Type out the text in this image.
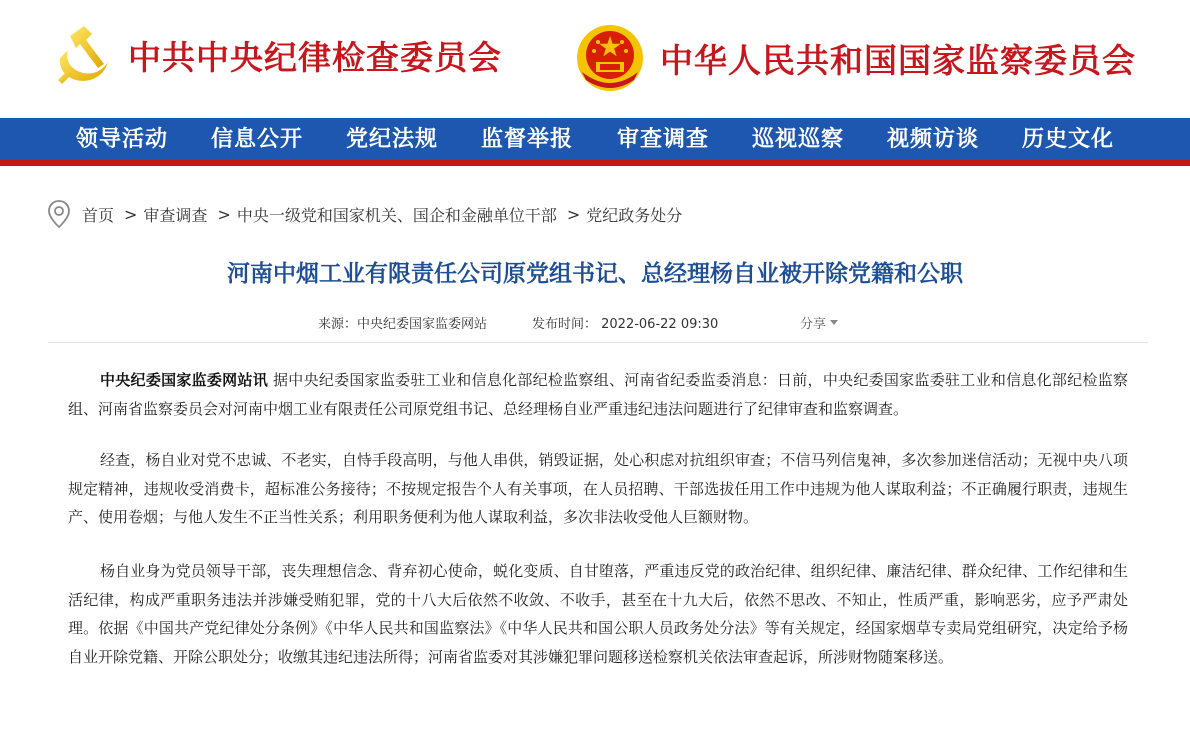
中共中央纪律检查委员会	中华人民共和国国家监察委员会
领导活动 信息公开 党纪法规 监督举报 审查调查 巡视巡察 视频访谈 历史文化
首页 > 审查调查 > 中央一级党和国家机关、国企和金融单位干部 > 党纪政务处分
河南中烟工业有限责任公司原党组书记、总经理杨自业被开除党籍和公职
来源：中央纪委国家监委网站	发布时间： 2022-06-22 09:30	分享

中央纪委国家监委网站讯 据中央纪委国家监委驻工业和信息化部纪检监察组、河南省纪委监委消息：日前，中央纪委国家监委驻工业和信息化部纪检监察组、河南省监察委员会对河南中烟工业有限责任公司原党组书记、总经理杨自业严重违纪违法问题进行了纪律审查和监察调查。

经查，杨自业对党不忠诚、不老实，自恃手段高明，与他人串供，销毁证据，处心积虑对抗组织审查；不信马列信鬼神，多次参加迷信活动；无视中央八项规定精神，违规收受消费卡，超标准公务接待；不按规定报告个人有关事项，在人员招聘、干部选拔任用工作中违规为他人谋取利益；不正确履行职责，违规生产、使用卷烟；与他人发生不正当性关系；利用职务便利为他人谋取利益，多次非法收受他人巨额财物。

杨自业身为党员领导干部，丧失理想信念、背弃初心使命，蜕化变质、自甘堕落，严重违反党的政治纪律、组织纪律、廉洁纪律、群众纪律、工作纪律和生活纪律，构成严重职务违法并涉嫌受贿犯罪，党的十八大后依然不收敛、不收手，甚至在十九大后，依然不思改、不知止，性质严重，影响恶劣，应予严肃处理。依据《中国共产党纪律处分条例》《中华人民共和国监察法》《中华人民共和国公职人员政务处分法》等有关规定，经国家烟草专卖局党组研究，决定给予杨自业开除党籍、开除公职处分；收缴其违纪违法所得；河南省监委对其涉嫌犯罪问题移送检察机关依法审查起诉，所涉财物随案移送。
